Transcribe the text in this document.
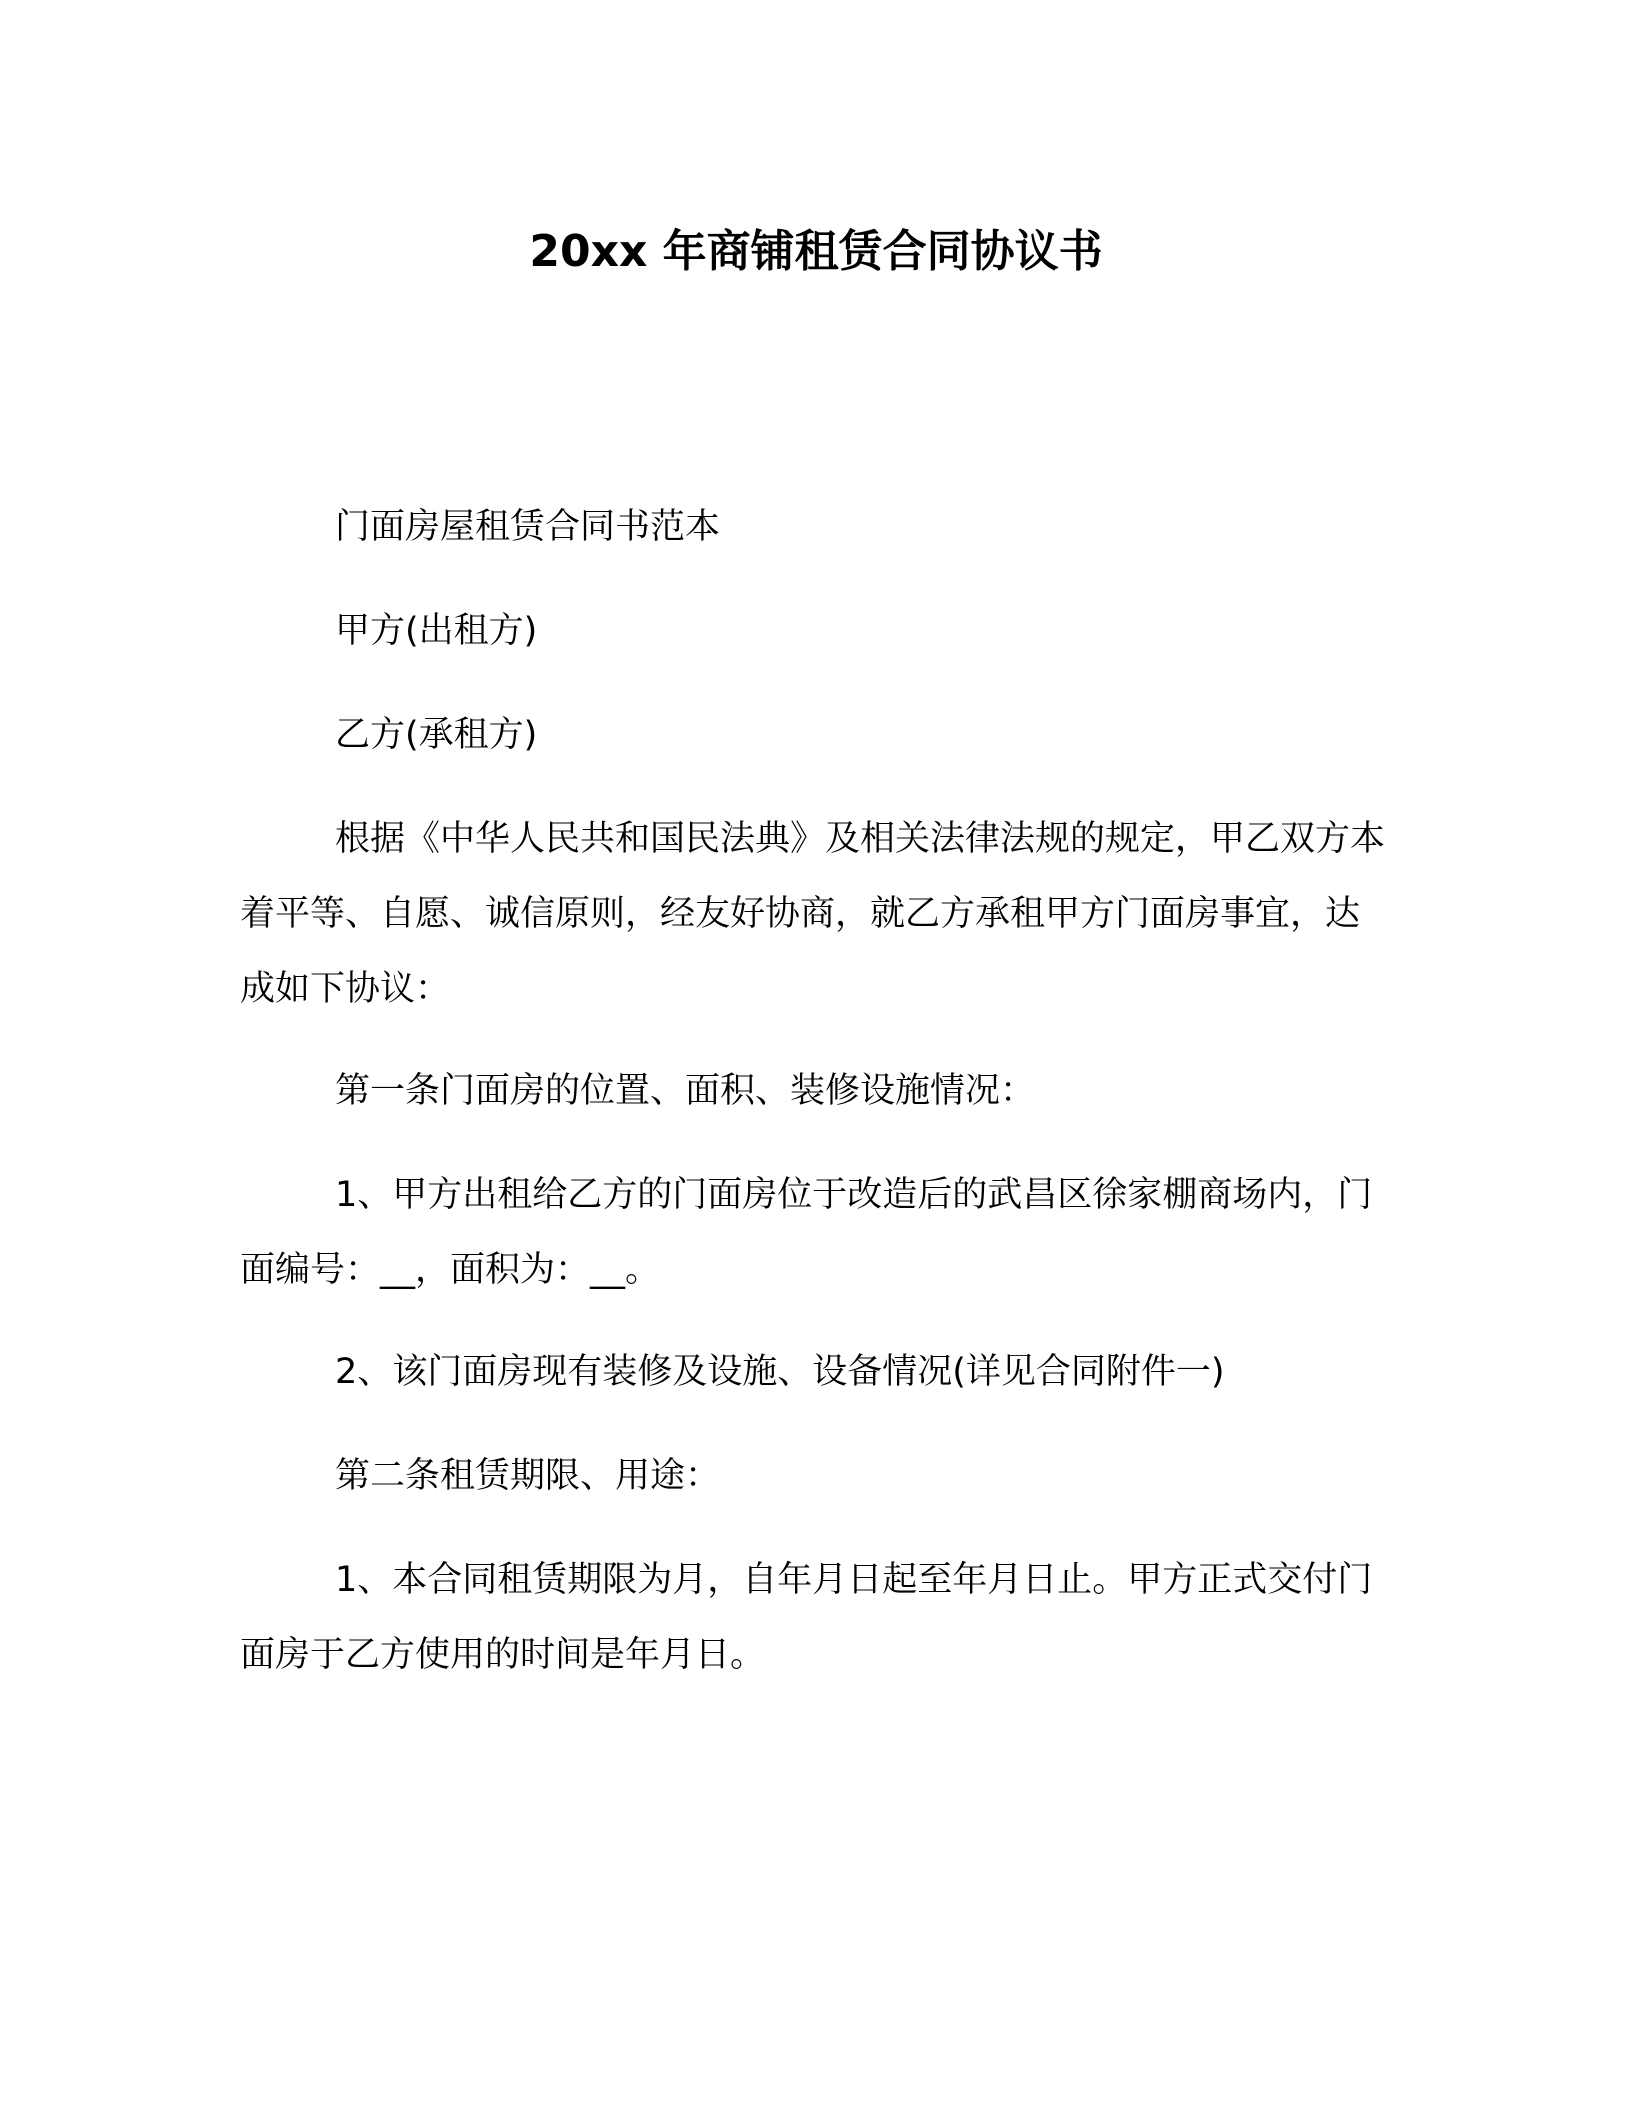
20xx 年商铺租赁合同协议书
门面房屋租赁合同书范本
甲方(出租方)
乙方(承租方)
根据《中华人民共和国民法典》及相关法律法规的规定，甲乙双方本着平等、自愿、诚信原则，经友好协商，就乙方承租甲方门面房事宜，达成如下协议：
第一条门面房的位置、面积、装修设施情况：
1、甲方出租给乙方的门面房位于改造后的武昌区徐家棚商场内，门面编号：__，面积为：__。
2、该门面房现有装修及设施、设备情况(详见合同附件一)
第二条租赁期限、用途：
1、本合同租赁期限为月，自年月日起至年月日止。甲方正式交付门面房于乙方使用的时间是年月日。
